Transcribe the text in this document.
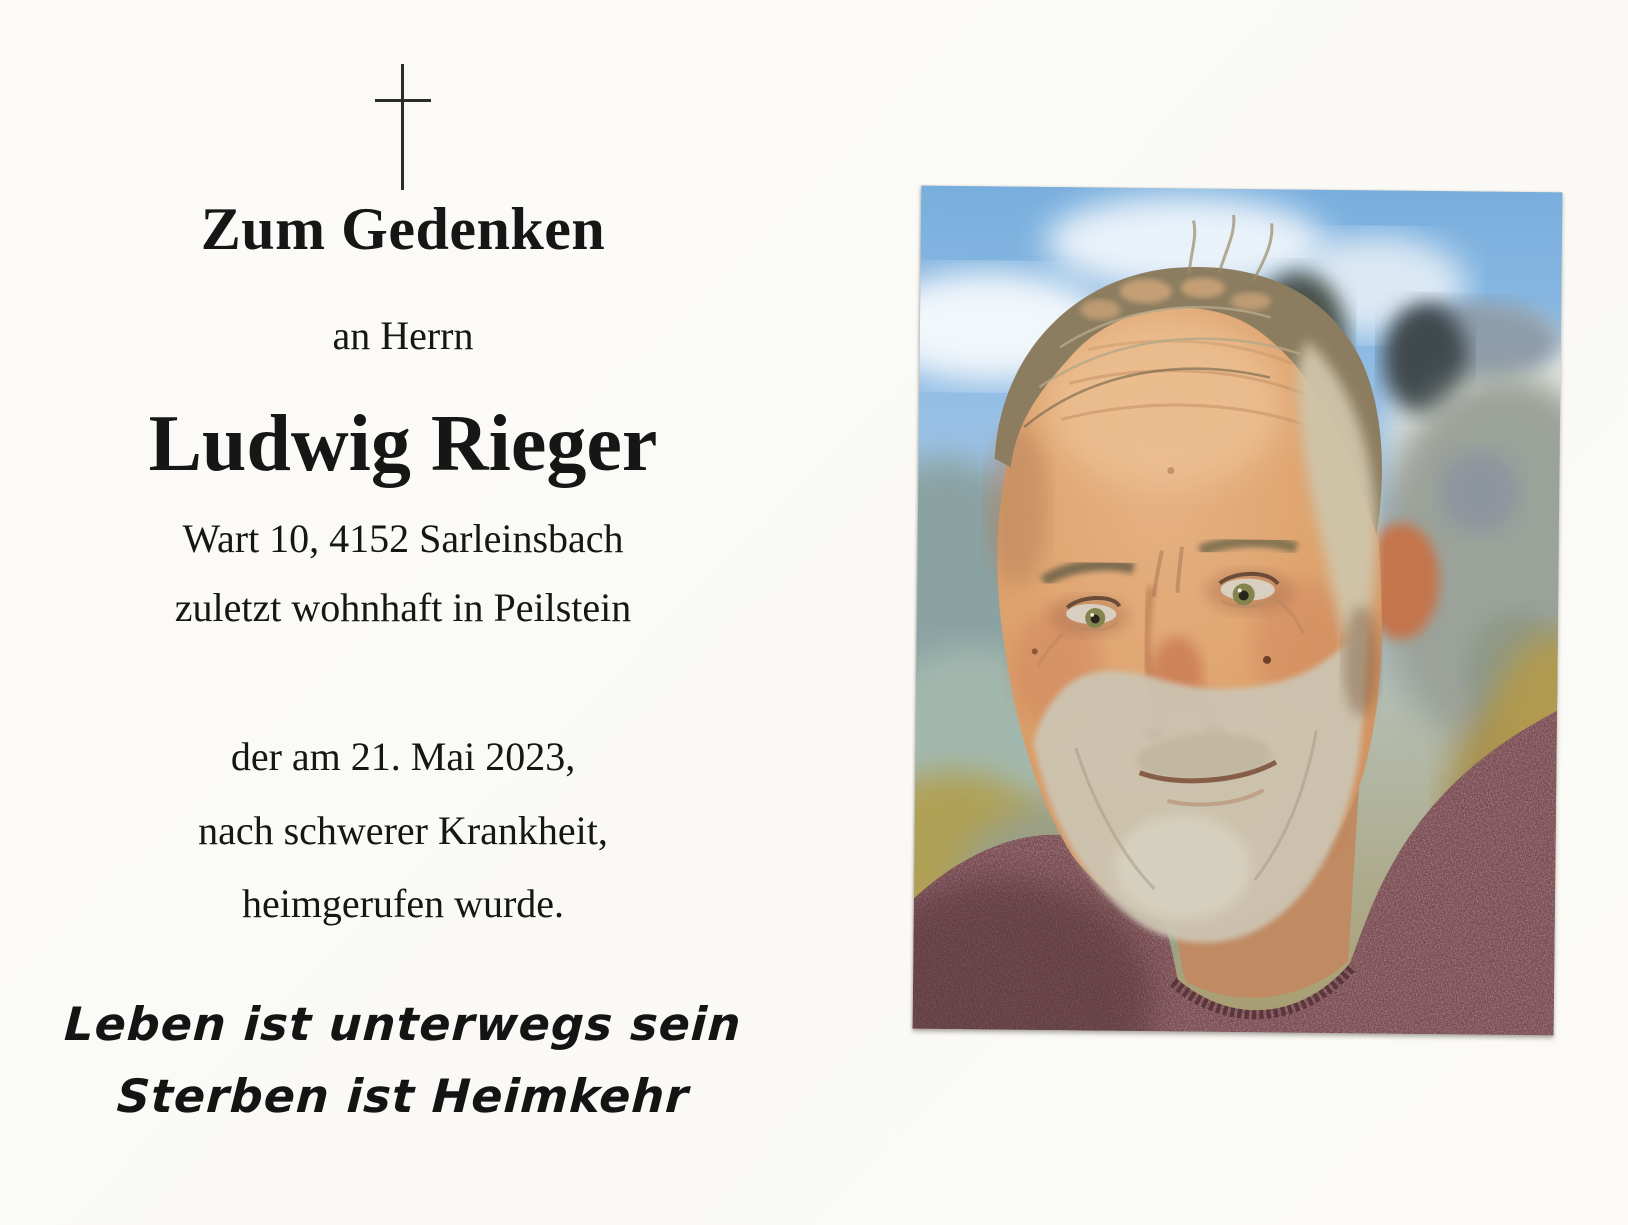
Zum Gedenken
an Herrn
Ludwig Rieger
Wart 10, 4152 Sarleinsbach
zuletzt wohnhaft in Peilstein
der am 21. Mai 2023,
nach schwerer Krankheit,
heimgerufen wurde.
Leben ist unterwegs sein
Sterben ist Heimkehr
